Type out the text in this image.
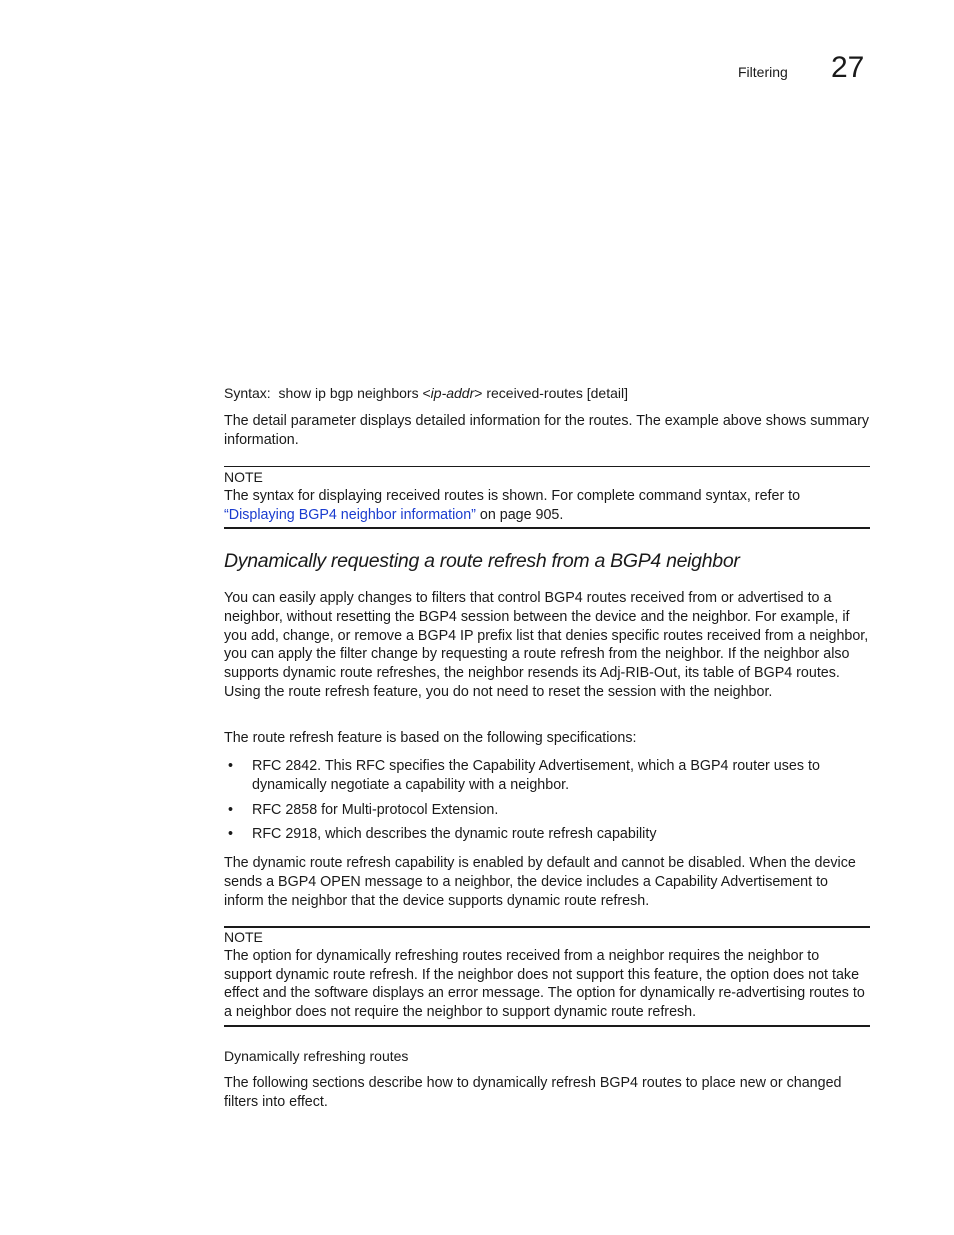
Filtering 27
Syntax: show ip bgp neighbors <ip-addr> received-routes [detail]
The detail parameter displays detailed information for the routes. The example above shows summary information.
NOTE
The syntax for displaying received routes is shown. For complete command syntax, refer to
“Displaying BGP4 neighbor information” on page 905.
Dynamically requesting a route refresh from a BGP4 neighbor
You can easily apply changes to filters that control BGP4 routes received from or advertised to a neighbor, without resetting the BGP4 session between the device and the neighbor. For example, if you add, change, or remove a BGP4 IP prefix list that denies specific routes received from a neighbor, you can apply the filter change by requesting a route refresh from the neighbor. If the neighbor also supports dynamic route refreshes, the neighbor resends its Adj-RIB-Out, its table of BGP4 routes. Using the route refresh feature, you do not need to reset the session with the neighbor.
The route refresh feature is based on the following specifications:
• RFC 2842. This RFC specifies the Capability Advertisement, which a BGP4 router uses to dynamically negotiate a capability with a neighbor.
• RFC 2858 for Multi-protocol Extension.
• RFC 2918, which describes the dynamic route refresh capability
The dynamic route refresh capability is enabled by default and cannot be disabled. When the device sends a BGP4 OPEN message to a neighbor, the device includes a Capability Advertisement to inform the neighbor that the device supports dynamic route refresh.
NOTE
The option for dynamically refreshing routes received from a neighbor requires the neighbor to support dynamic route refresh. If the neighbor does not support this feature, the option does not take effect and the software displays an error message. The option for dynamically re-advertising routes to a neighbor does not require the neighbor to support dynamic route refresh.
Dynamically refreshing routes
The following sections describe how to dynamically refresh BGP4 routes to place new or changed filters into effect.
